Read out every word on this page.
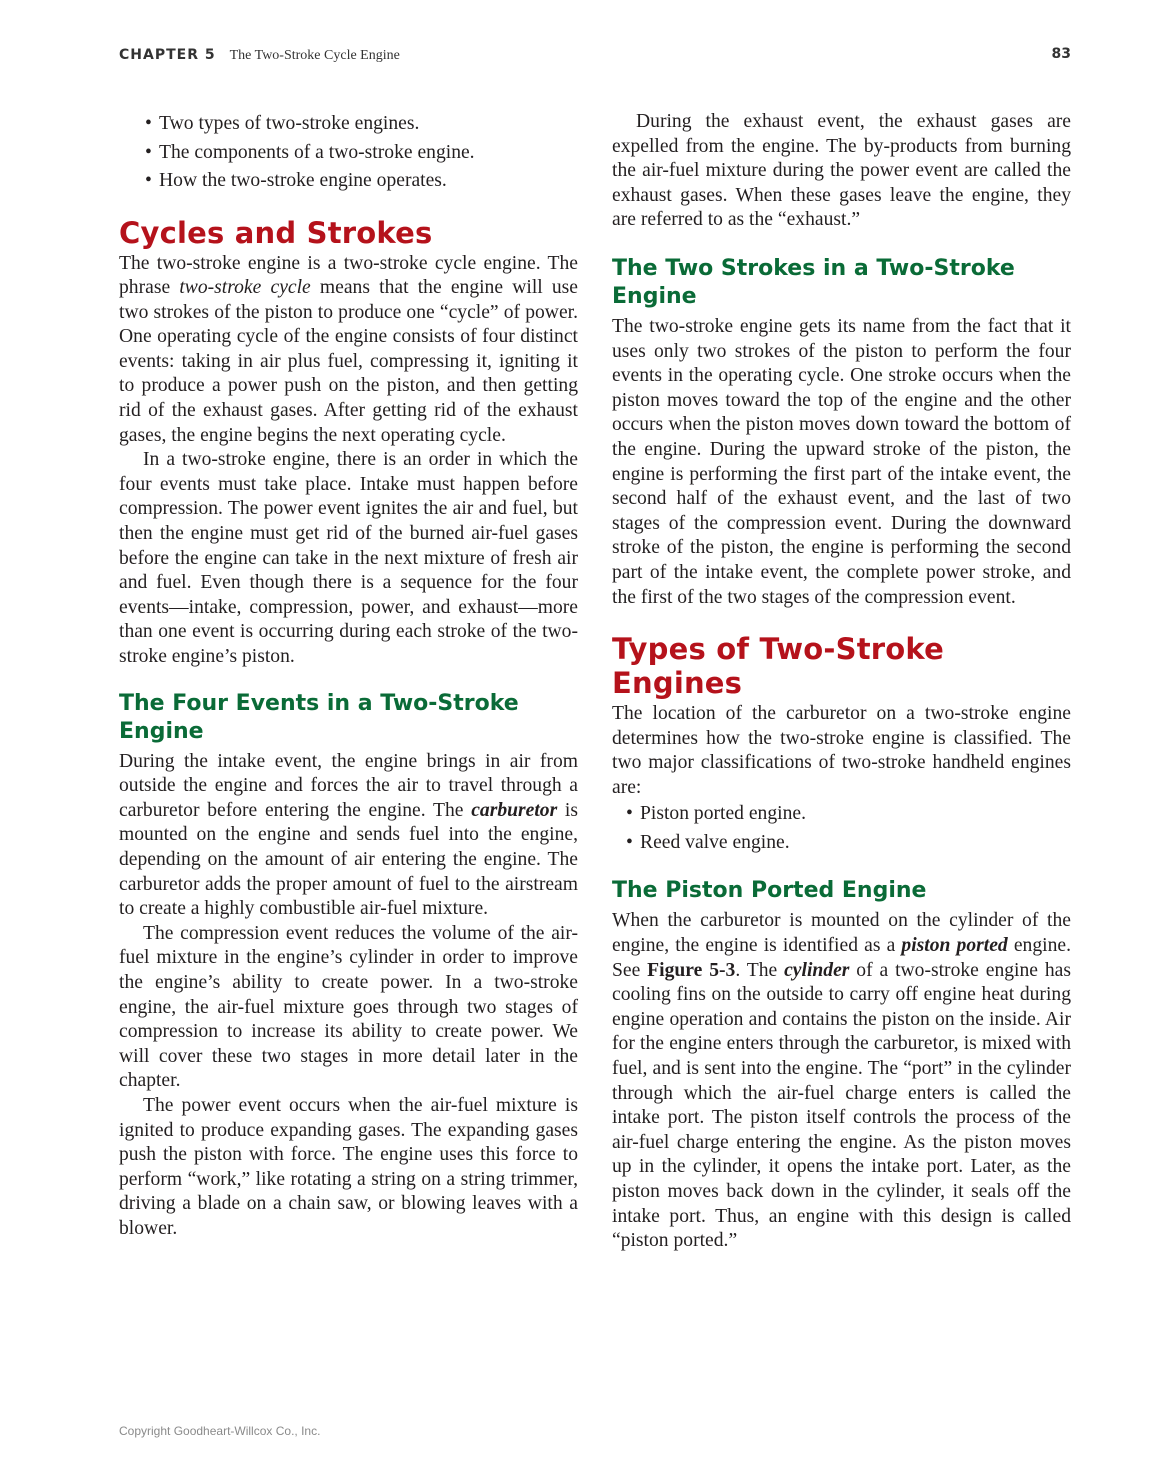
CHAPTER 5 The Two-Stroke Cycle Engine	83
• Two types of two-stroke engines.
• The components of a two-stroke engine.
• How the two-stroke engine operates.
Cycles and Strokes

The two-stroke engine is a two-stroke cycle engine. The phrase two-stroke cycle means that the engine will use two strokes of the piston to produce one “cycle” of power. One operating cycle of the engine consists of four distinct events: taking in air plus fuel, compressing it, igniting it to produce a power push on the piston, and then getting rid of the exhaust gases. After getting rid of the exhaust gases, the engine begins the next operating cycle.

In a two-stroke engine, there is an order in which the four events must take place. Intake must happen before compression. The power event ignites the air and fuel, but then the engine must get rid of the burned air-fuel gases before the engine can take in the next mixture of fresh air and fuel. Even though there is a sequence for the four events—intake, compression, power, and exhaust—more than one event is occurring during each stroke of the two-stroke engine’s piston.

The Four Events in a Two-Stroke Engine

During the intake event, the engine brings in air from outside the engine and forces the air to travel through a carburetor before entering the engine. The carburetor is mounted on the engine and sends fuel into the engine, depending on the amount of air entering the engine. The carburetor adds the proper amount of fuel to the airstream to create a highly combustible air-fuel mixture.

The compression event reduces the volume of the air-fuel mixture in the engine’s cylinder in order to improve the engine’s ability to create power. In a two-stroke engine, the air-fuel mixture goes through two stages of compression to increase its ability to create power. We will cover these two stages in more detail later in the chapter.

The power event occurs when the air-fuel mixture is ignited to produce expanding gases. The expanding gases push the piston with force. The engine uses this force to perform “work,” like rotating a string on a string trimmer, driving a blade on a chain saw, or blowing leaves with a blower.

During the exhaust event, the exhaust gases are expelled from the engine. The by-products from burning the air-fuel mixture during the power event are called the exhaust gases. When these gases leave the engine, they are referred to as the “exhaust.”

The Two Strokes in a Two-Stroke Engine

The two-stroke engine gets its name from the fact that it uses only two strokes of the piston to perform the four events in the operating cycle. One stroke occurs when the piston moves toward the top of the engine and the other occurs when the piston moves down toward the bottom of the engine. During the upward stroke of the piston, the engine is performing the first part of the intake event, the second half of the exhaust event, and the last of two stages of the compression event. During the downward stroke of the piston, the engine is performing the second part of the intake event, the complete power stroke, and the first of the two stages of the compression event.

Types of Two-Stroke Engines

The location of the carburetor on a two-stroke engine determines how the two-stroke engine is classified. The two major classifications of two-stroke handheld engines are:

• Piston ported engine.
• Reed valve engine.
The Piston Ported Engine

When the carburetor is mounted on the cylinder of the engine, the engine is identified as a piston ported engine. See Figure 5-3. The cylinder of a two-stroke engine has cooling fins on the outside to carry off engine heat during engine operation and contains the piston on the inside. Air for the engine enters through the carburetor, is mixed with fuel, and is sent into the engine. The “port” in the cylinder through which the air-fuel charge enters is called the intake port. The piston itself controls the process of the air-fuel charge entering the engine. As the piston moves up in the cylinder, it opens the intake port. Later, as the piston moves back down in the cylinder, it seals off the intake port. Thus, an engine with this design is called “piston ported.”

Copyright Goodheart-Willcox Co., Inc.
